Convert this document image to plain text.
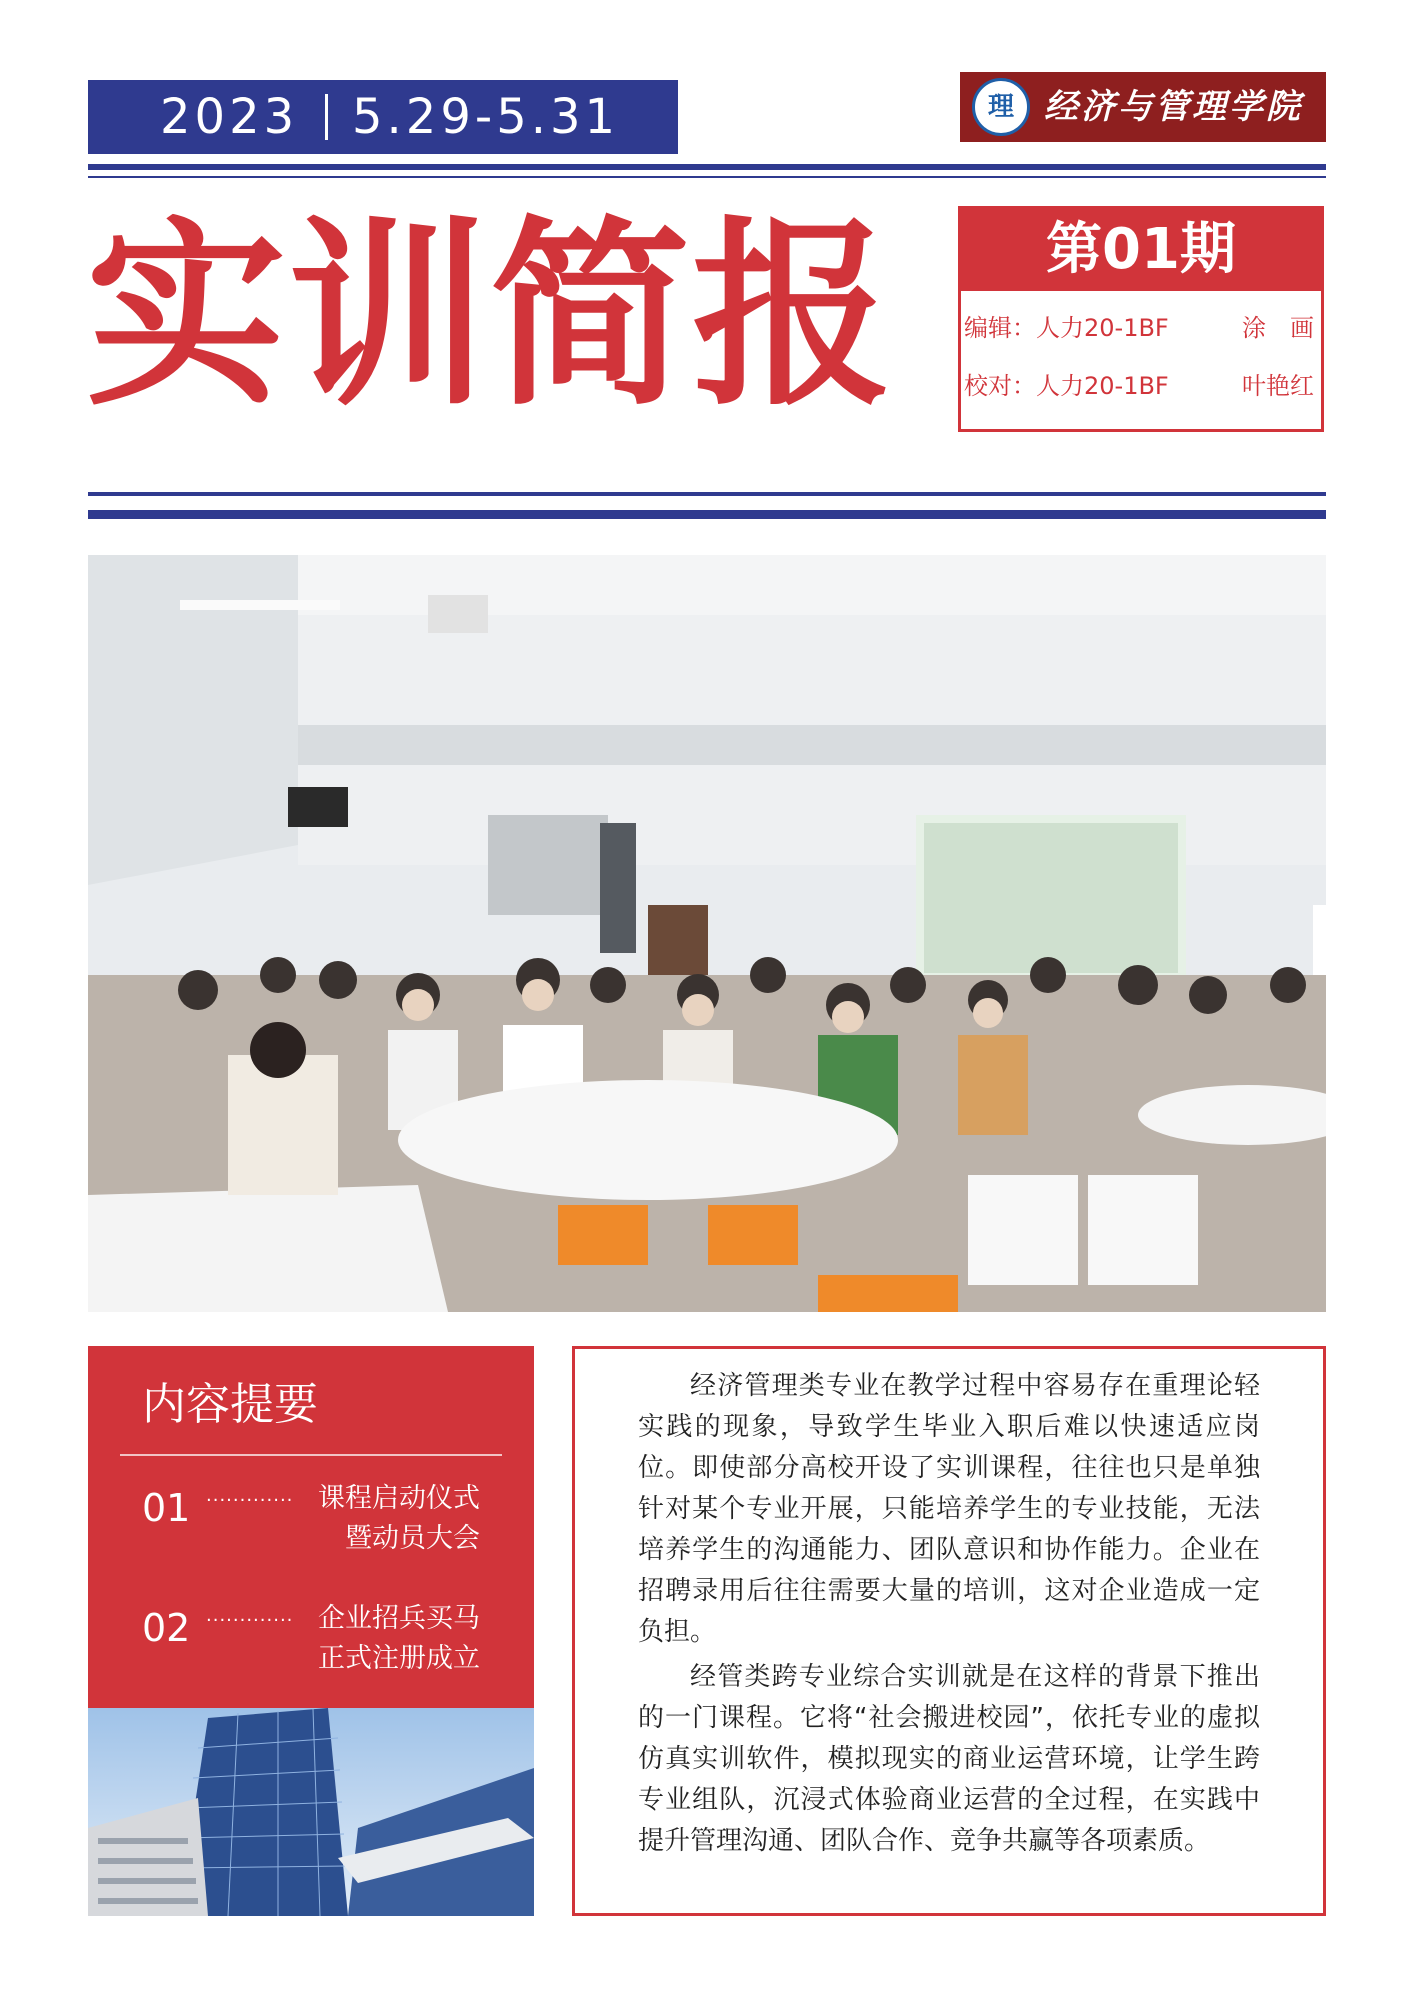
2023 5.29-5.31	理 经济与管理学院
实训简报	第01期
编辑：人力20-1BF	涂　画
校对：人力20-1BF	叶艳红
内容提要
01 ············· 课程启动仪式
暨动员大会
02 ············· 企业招兵买马
正式注册成立

经济管理类专业在教学过程中容易存在重理论轻实践的现象，导致学生毕业入职后难以快速适应岗位。即使部分高校开设了实训课程，往往也只是单独针对某个专业开展，只能培养学生的专业技能，无法培养学生的沟通能力、团队意识和协作能力。企业在招聘录用后往往需要大量的培训，这对企业造成一定负担。

经管类跨专业综合实训就是在这样的背景下推出的一门课程。它将“社会搬进校园”，依托专业的虚拟仿真实训软件，模拟现实的商业运营环境，让学生跨专业组队，沉浸式体验商业运营的全过程，在实践中提升管理沟通、团队合作、竞争共赢等各项素质。
